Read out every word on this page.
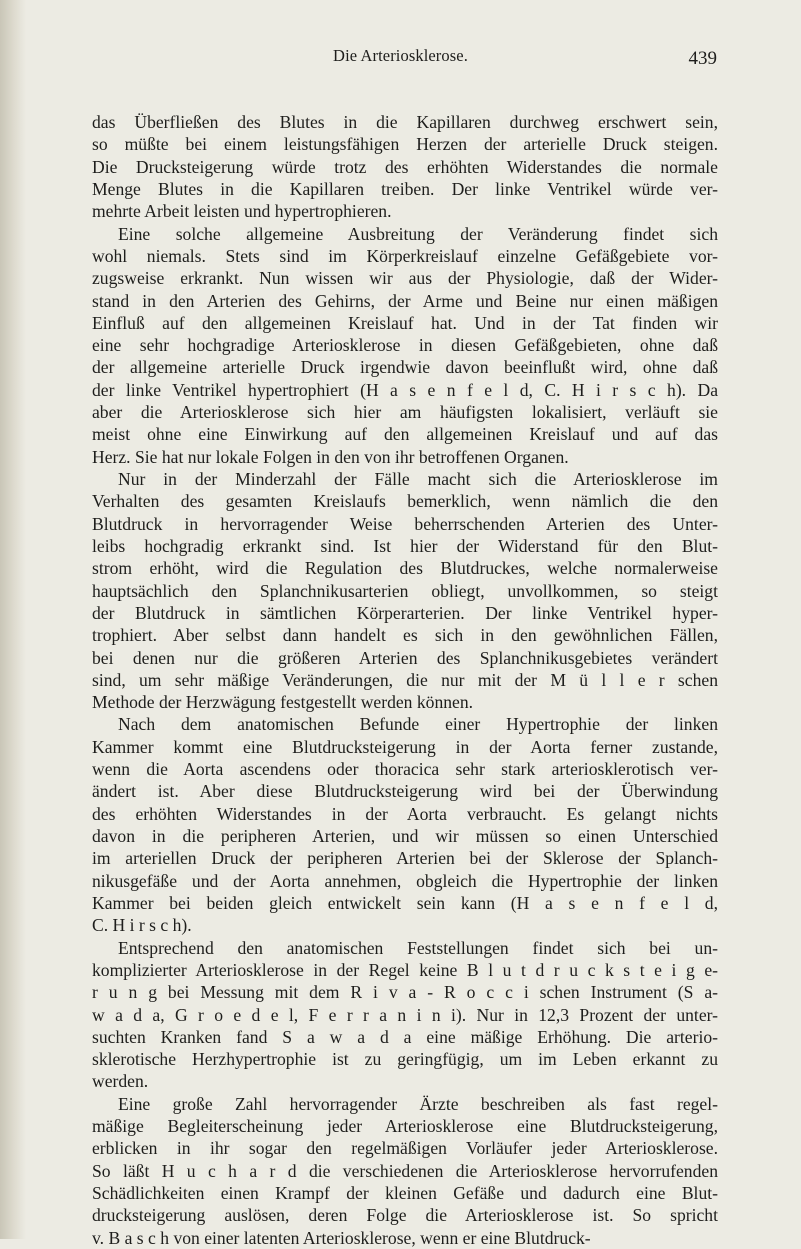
Die Arteriosklerose.	439
das Überfließen des Blutes in die Kapillaren durchweg erschwert sein,
so müßte bei einem leistungsfähigen Herzen der arterielle Druck steigen.
Die Drucksteigerung würde trotz des erhöhten Widerstandes die normale
Menge Blutes in die Kapillaren treiben. Der linke Ventrikel würde ver-
mehrte Arbeit leisten und hypertrophieren.
Eine solche allgemeine Ausbreitung der Veränderung findet sich
wohl niemals. Stets sind im Körperkreislauf einzelne Gefäßgebiete vor-
zugsweise erkrankt. Nun wissen wir aus der Physiologie, daß der Wider-
stand in den Arterien des Gehirns, der Arme und Beine nur einen mäßigen
Einfluß auf den allgemeinen Kreislauf hat. Und in der Tat finden wir
eine sehr hochgradige Arteriosklerose in diesen Gefäßgebieten, ohne daß
der allgemeine arterielle Druck irgendwie davon beeinflußt wird, ohne daß
der linke Ventrikel hypertrophiert (H a s e n f e l d, C. H i r s c h). Da
aber die Arteriosklerose sich hier am häufigsten lokalisiert, verläuft sie
meist ohne eine Einwirkung auf den allgemeinen Kreislauf und auf das
Herz. Sie hat nur lokale Folgen in den von ihr betroffenen Organen.
Nur in der Minderzahl der Fälle macht sich die Arteriosklerose im
Verhalten des gesamten Kreislaufs bemerklich, wenn nämlich die den
Blutdruck in hervorragender Weise beherrschenden Arterien des Unter-
leibs hochgradig erkrankt sind. Ist hier der Widerstand für den Blut-
strom erhöht, wird die Regulation des Blutdruckes, welche normalerweise
hauptsächlich den Splanchnikusarterien obliegt, unvollkommen, so steigt
der Blutdruck in sämtlichen Körperarterien. Der linke Ventrikel hyper-
trophiert. Aber selbst dann handelt es sich in den gewöhnlichen Fällen,
bei denen nur die größeren Arterien des Splanchnikusgebietes verändert
sind, um sehr mäßige Veränderungen, die nur mit der M ü l l e r schen
Methode der Herzwägung festgestellt werden können.
Nach dem anatomischen Befunde einer Hypertrophie der linken
Kammer kommt eine Blutdrucksteigerung in der Aorta ferner zustande,
wenn die Aorta ascendens oder thoracica sehr stark arteriosklerotisch ver-
ändert ist. Aber diese Blutdrucksteigerung wird bei der Überwindung
des erhöhten Widerstandes in der Aorta verbraucht. Es gelangt nichts
davon in die peripheren Arterien, und wir müssen so einen Unterschied
im arteriellen Druck der peripheren Arterien bei der Sklerose der Splanch-
nikusgefäße und der Aorta annehmen, obgleich die Hypertrophie der linken
Kammer bei beiden gleich entwickelt sein kann (H a s e n f e l d,
C. H i r s c h).
Entsprechend den anatomischen Feststellungen findet sich bei un-
komplizierter Arteriosklerose in der Regel keine B l u t d r u c k s t e i g e-
r u n g bei Messung mit dem R i v a - R o c c i schen Instrument (S a-
w a d a, G r o e d e l, F e r r a n i n i). Nur in 12,3 Prozent der unter-
suchten Kranken fand S a w a d a eine mäßige Erhöhung. Die arterio-
sklerotische Herzhypertrophie ist zu geringfügig, um im Leben erkannt zu
werden.
Eine große Zahl hervorragender Ärzte beschreiben als fast regel-
mäßige Begleiterscheinung jeder Arteriosklerose eine Blutdrucksteigerung,
erblicken in ihr sogar den regelmäßigen Vorläufer jeder Arteriosklerose.
So läßt H u c h a r d die verschiedenen die Arteriosklerose hervorrufenden
Schädlichkeiten einen Krampf der kleinen Gefäße und dadurch eine Blut-
drucksteigerung auslösen, deren Folge die Arteriosklerose ist. So spricht
v. B a s c h von einer latenten Arteriosklerose, wenn er eine Blutdruck-
